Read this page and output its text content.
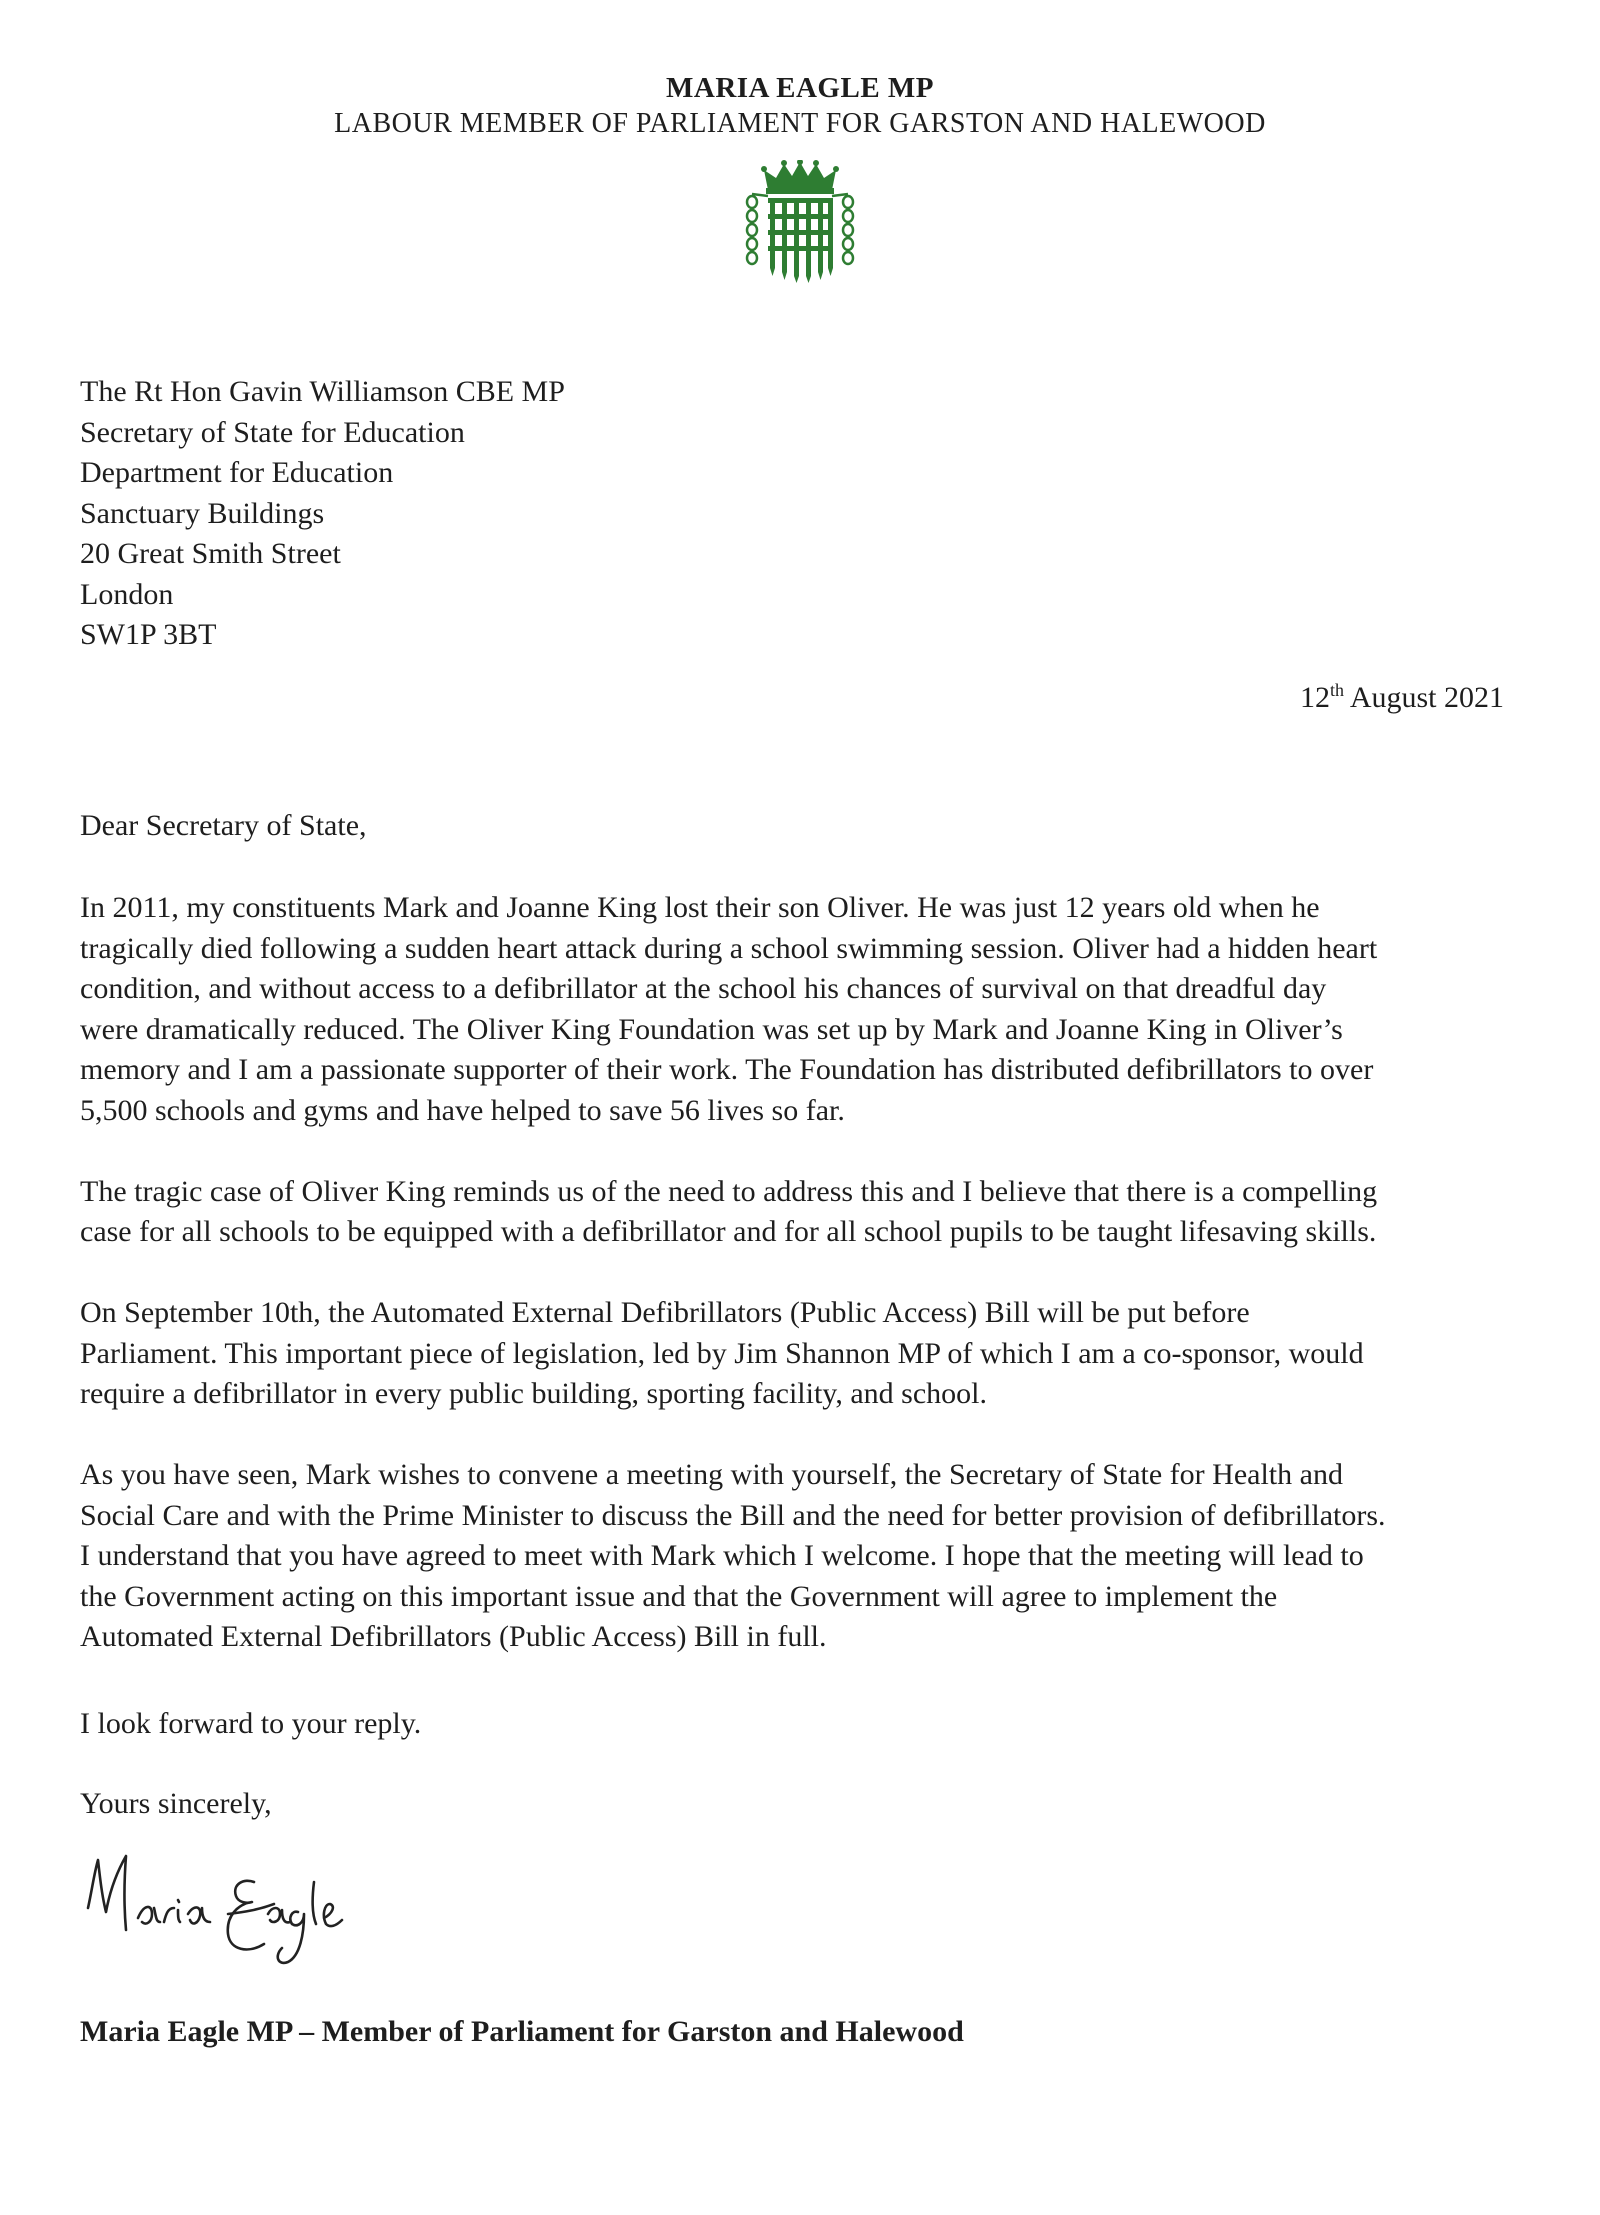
MARIA EAGLE MP
LABOUR MEMBER OF PARLIAMENT FOR GARSTON AND HALEWOOD
The Rt Hon Gavin Williamson CBE MP
Secretary of State for Education
Department for Education
Sanctuary Buildings
20 Great Smith Street
London
SW1P 3BT
12th August 2021
Dear Secretary of State,

In 2011, my constituents Mark and Joanne King lost their son Oliver. He was just 12 years old when he
tragically died following a sudden heart attack during a school swimming session. Oliver had a hidden heart
condition, and without access to a defibrillator at the school his chances of survival on that dreadful day
were dramatically reduced. The Oliver King Foundation was set up by Mark and Joanne King in Oliver’s
memory and I am a passionate supporter of their work. The Foundation has distributed defibrillators to over
5,500 schools and gyms and have helped to save 56 lives so far.

The tragic case of Oliver King reminds us of the need to address this and I believe that there is a compelling
case for all schools to be equipped with a defibrillator and for all school pupils to be taught lifesaving skills.

On September 10th, the Automated External Defibrillators (Public Access) Bill will be put before
Parliament. This important piece of legislation, led by Jim Shannon MP of which I am a co-sponsor, would
require a defibrillator in every public building, sporting facility, and school.

As you have seen, Mark wishes to convene a meeting with yourself, the Secretary of State for Health and
Social Care and with the Prime Minister to discuss the Bill and the need for better provision of defibrillators.
I understand that you have agreed to meet with Mark which I welcome. I hope that the meeting will lead to
the Government acting on this important issue and that the Government will agree to implement the
Automated External Defibrillators (Public Access) Bill in full.

I look forward to your reply.
Yours sincerely,
Maria Eagle MP – Member of Parliament for Garston and Halewood
